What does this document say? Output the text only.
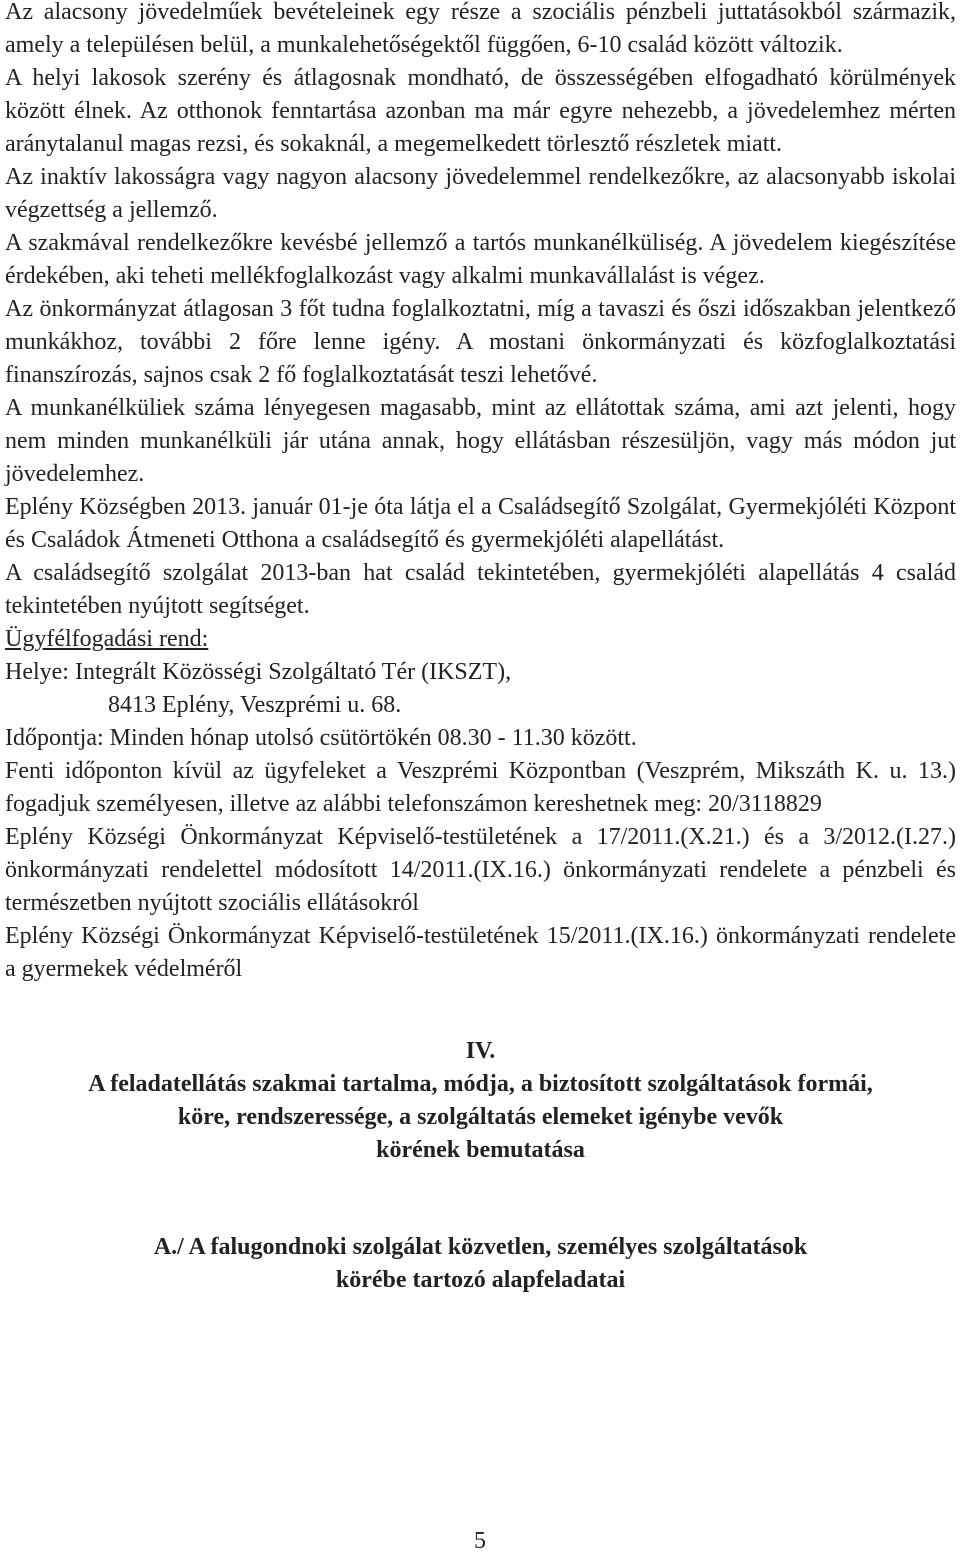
Az alacsony jövedelműek bevételeinek egy része a szociális pénzbeli juttatásokból származik, amely a településen belül, a munkalehetőségektől függően, 6-10 család között változik.

A helyi lakosok szerény és átlagosnak mondható, de összességében elfogadható körülmények között élnek. Az otthonok fenntartása azonban ma már egyre nehezebb, a jövedelemhez mérten aránytalanul magas rezsi, és sokaknál, a megemelkedett törlesztő részletek miatt.

Az inaktív lakosságra vagy nagyon alacsony jövedelemmel rendelkezőkre, az alacsonyabb iskolai végzettség a jellemző.

A szakmával rendelkezőkre kevésbé jellemző a tartós munkanélküliség. A jövedelem kiegészítése érdekében, aki teheti mellékfoglalkozást vagy alkalmi munkavállalást is végez.

Az önkormányzat átlagosan 3 főt tudna foglalkoztatni, míg a tavaszi és őszi időszakban jelentkező munkákhoz, további 2 főre lenne igény. A mostani önkormányzati és közfoglalkoztatási finanszírozás, sajnos csak 2 fő foglalkoztatását teszi lehetővé.

A munkanélküliek száma lényegesen magasabb, mint az ellátottak száma, ami azt jelenti, hogy nem minden munkanélküli jár utána annak, hogy ellátásban részesüljön, vagy más módon jut jövedelemhez.

Eplény Községben 2013. január 01-je óta látja el a Családsegítő Szolgálat, Gyermekjóléti Központ és Családok Átmeneti Otthona a családsegítő és gyermekjóléti alapellátást.

A családsegítő szolgálat 2013-ban hat család tekintetében, gyermekjóléti alapellátás 4 család tekintetében nyújtott segítséget.

Ügyfélfogadási rend:

Helye: Integrált Közösségi Szolgáltató Tér (IKSZT),

8413 Eplény, Veszprémi u. 68.

Időpontja: Minden hónap utolsó csütörtökén 08.30 - 11.30 között.

Fenti időponton kívül az ügyfeleket a Veszprémi Központban (Veszprém, Mikszáth K. u. 13.) fogadjuk személyesen, illetve az alábbi telefonszámon kereshetnek meg: 20/3118829

Eplény Községi Önkormányzat Képviselő-testületének a 17/2011.(X.21.) és a 3/2012.(I.27.) önkormányzati rendelettel módosított 14/2011.(IX.16.) önkormányzati rendelete a pénzbeli és természetben nyújtott szociális ellátásokról

Eplény Községi Önkormányzat Képviselő-testületének 15/2011.(IX.16.) önkormányzati rendelete a gyermekek védelméről

IV.

A feladatellátás szakmai tartalma, módja, a biztosított szolgáltatások formái,

köre, rendszeressége, a szolgáltatás elemeket igénybe vevők

körének bemutatása

A./ A falugondnoki szolgálat közvetlen, személyes szolgáltatások

körébe tartozó alapfeladatai

5
